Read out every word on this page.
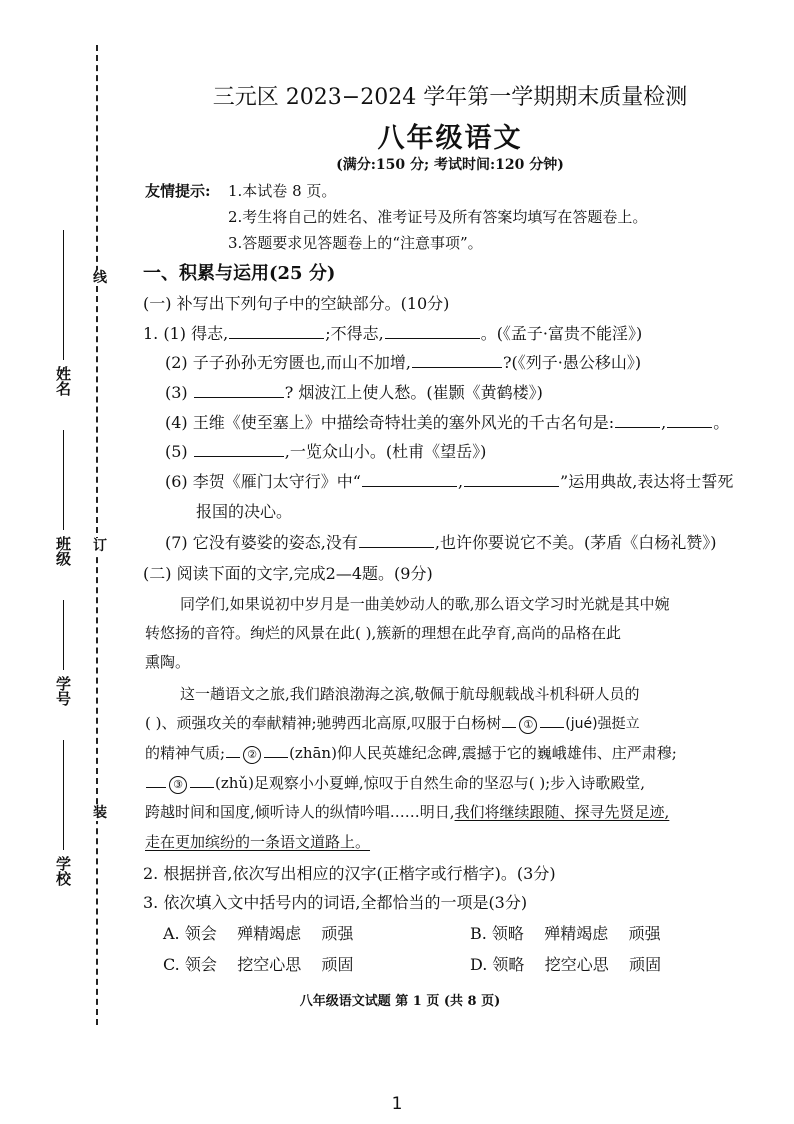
线
订
装
姓名
班级
学号
学校
三元区 2023−2024 学年第一学期期末质量检测
八年级语文
(满分:150 分; 考试时间:120 分钟)
友情提示: 1.本试卷 8 页。
2.考生将自己的姓名、准考证号及所有答案均填写在答题卷上。
3.答题要求见答题卷上的“注意事项”。
一、积累与运用(25 分)
(一) 补写出下列句子中的空缺部分。(10分)
1. (1) 得志,	;不得志,	。(《孟子·富贵不能淫》)
(2) 子子孙孙无穷匮也,而山不加增,	?(《列子·愚公移山》)
(3)	? 烟波江上使人愁。(崔颢《黄鹤楼》)
(4) 王维《使至塞上》中描绘奇特壮美的塞外风光的千古名句是:	,	。
(5)	,一览众山小。(杜甫《望岳》)
(6) 李贺《雁门太守行》中“	,	”运用典故,表达将士誓死
报国的决心。
(7) 它没有婆娑的姿态,没有	,也许你要说它不美。(茅盾《白杨礼赞》)
(二) 阅读下面的文字,完成2—4题。(9分)
同学们,如果说初中岁月是一曲美妙动人的歌,那么语文学习时光就是其中婉
转悠扬的音符。绚烂的风景在此( ),簇新的理想在此孕育,高尚的品格在此
熏陶。
这一趟语文之旅,我们踏浪渤海之滨,敬佩于航母舰载战斗机科研人员的
( )、顽强攻关的奉献精神;驰骋西北高原,叹服于白杨树 ① (jué)强挺立
的精神气质; ② (zhān)仰人民英雄纪念碑,震撼于它的巍峨雄伟、庄严肃穆;
③ (zhǔ)足观察小小夏蝉,惊叹于自然生命的坚忍与( );步入诗歌殿堂,
跨越时间和国度,倾听诗人的纵情吟唱……明日,我们将继续跟随、探寻先贤足迹,
走在更加缤纷的一条语文道路上。
2. 根据拼音,依次写出相应的汉字(正楷字或行楷字)。(3分)
3. 依次填入文中括号内的词语,全都恰当的一项是(3分)
A. 领会    殚精竭虑    顽强	B. 领略    殚精竭虑    顽强
C. 领会    挖空心思    顽固	D. 领略    挖空心思    顽固
八年级语文试题 第 1 页 (共 8 页)
1
